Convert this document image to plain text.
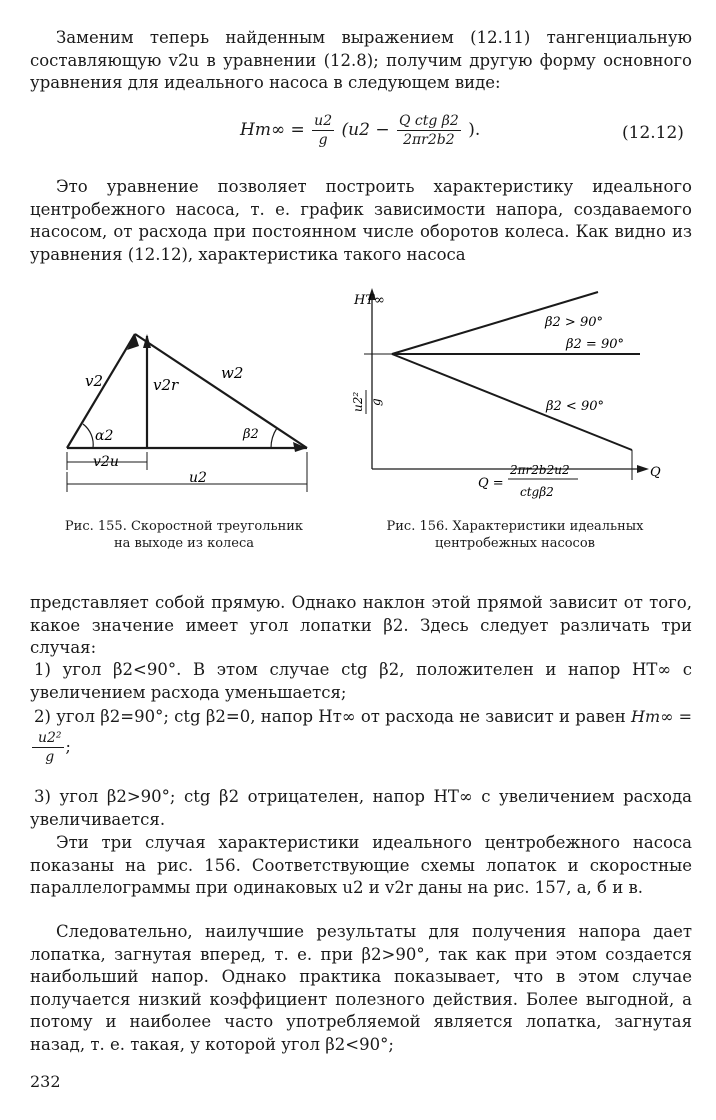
Заменим теперь найденным выражением (12.11) тангенциальную составляющую v2u в уравнении (12.8); получим другую форму основного уравнения для идеального насоса в следующем виде:

$Hт\infty = \frac{u2}{g} (u2 - \frac{\text{Q ctg β2}}{2\pi r2b2}$ ).	(12.12)

Это уравнение позволяет построить характеристику идеального центробежного насоса, т. е. график зависимости напора, создаваемого насосом, от расхода при постоянном числе оборотов колеса. Как видно из уравнения (12.12), характеристика такого насоса

v2	v2r
w2
α2	β2
v2u
u2
Рис. 155. Скоростной треугольник на выходе из колеса
HТ∞
β2 > 90°
β2 = 90°
β2 < 90°
u2² g
Q
Q =
2πr2b2u2
ctgβ2
Рис. 156. Характеристики идеальных центробежных насосов

представляет собой прямую. Однако наклон этой прямой зависит от того, какое значение имеет угол лопатки β2. Здесь следует различать три случая:

1) угол β2<90°. В этом случае ctg β2, положителен и напор HТ∞ с увеличением расхода уменьшается;

2) угол β2=90°; ctg β2=0, напор Hт∞ от расхода не зависит и равен Hт∞ =
$\frac{\text{u2²}}{g}$ ;

3) угол β2>90°; ctg β2 отрицателен, напор HТ∞ с увеличением расхода увеличивается.

Эти три случая характеристики идеального центробежного насоса показаны на рис. 156. Соответствующие схемы лопаток и скоростные параллелограммы при одинаковых u2 и v2r даны на рис. 157, а, б и в.

Следовательно, наилучшие результаты для получения напора дает лопатка, загнутая вперед, т. е. при β2>90°, так как при этом создается наибольший напор. Однако практика показывает, что в этом случае получается низкий коэффициент полезного действия. Более выгодной, а потому и наиболее часто употребляемой является лопатка, загнутая назад, т. е. такая, у которой угол β2<90°;

232
